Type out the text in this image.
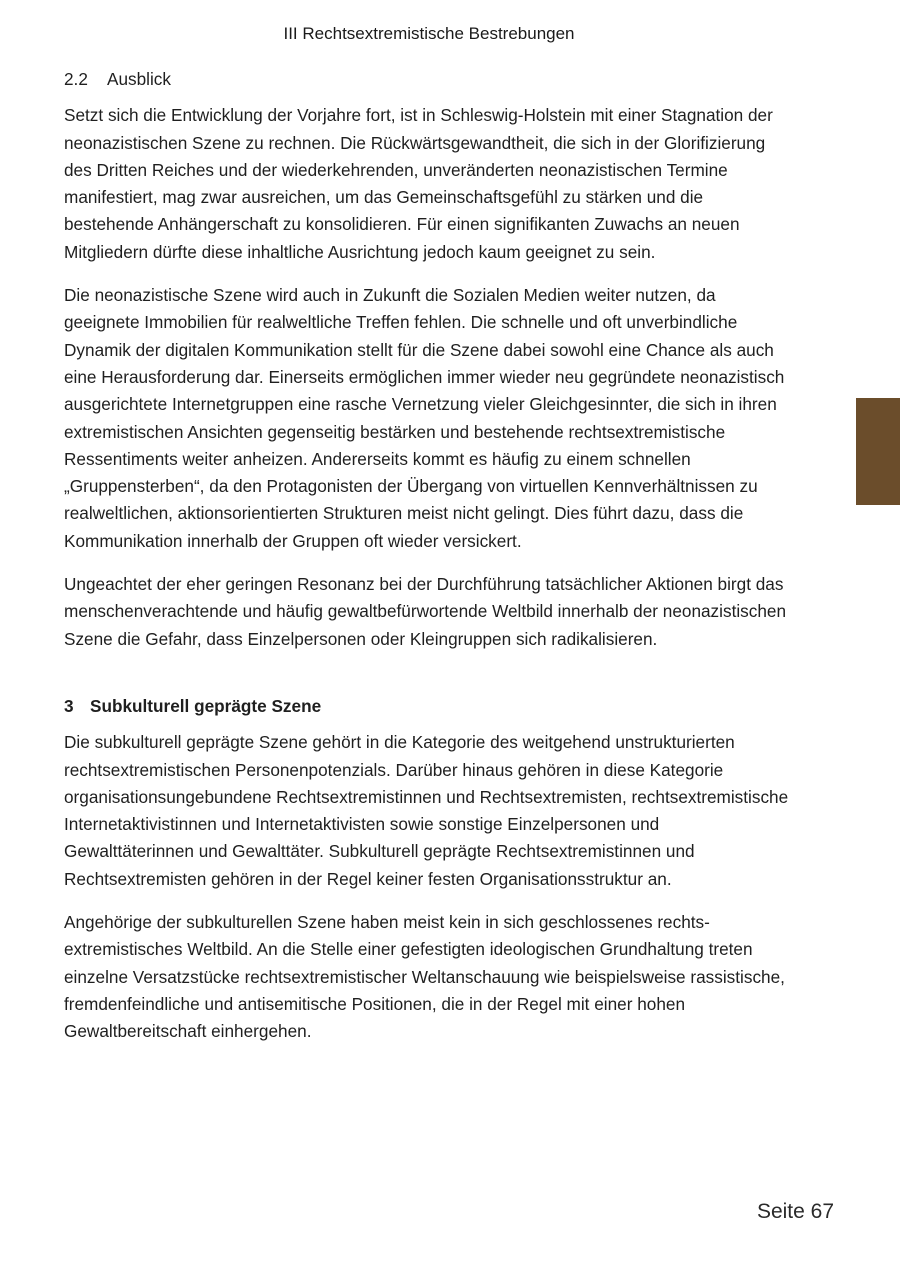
III Rechtsextremistische Bestrebungen
2.2 Ausblick

Setzt sich die Entwicklung der Vorjahre fort, ist in Schleswig-Holstein mit einer Stagnation der neonazistischen Szene zu rechnen. Die Rückwärtsgewandtheit, die sich in der Glorifizierung des Dritten Reiches und der wiederkehrenden, unveränderten neonazistischen Termine manifestiert, mag zwar ausreichen, um das Gemeinschaftsgefühl zu stärken und die bestehende Anhängerschaft zu konsolidieren. Für einen signifikanten Zuwachs an neuen Mitgliedern dürfte diese inhaltliche Ausrichtung jedoch kaum geeignet zu sein.

Die neonazistische Szene wird auch in Zukunft die Sozialen Medien weiter nutzen, da geeignete Immobilien für realweltliche Treffen fehlen. Die schnelle und oft unverbindliche Dynamik der digitalen Kommunikation stellt für die Szene dabei sowohl eine Chance als auch eine Herausforderung dar. Einerseits ermöglichen immer wieder neu gegründete neonazistisch ausgerichtete Internetgruppen eine rasche Vernetzung vieler Gleichgesinnter, die sich in ihren extremistischen Ansichten gegenseitig bestärken und bestehende rechtsextremistische Ressentiments weiter anheizen. Andererseits kommt es häufig zu einem schnellen „Gruppensterben“, da den Protagonisten der Übergang von virtuellen Kennverhältnissen zu realweltlichen, aktionsorientierten Strukturen meist nicht gelingt. Dies führt dazu, dass die Kommunikation innerhalb der Gruppen oft wieder versickert.

Ungeachtet der eher geringen Resonanz bei der Durchführung tatsächlicher Aktionen birgt das menschenverachtende und häufig gewaltbefürwortende Weltbild innerhalb der neonazistischen Szene die Gefahr, dass Einzelpersonen oder Kleingruppen sich radikalisieren.

3 Subkulturell geprägte Szene

Die subkulturell geprägte Szene gehört in die Kategorie des weitgehend unstrukturierten rechtsextremistischen Personenpotenzials. Darüber hinaus gehören in diese Kategorie organisationsungebundene Rechtsextremistinnen und Rechtsextremisten, rechtsextremistische Internetaktivistinnen und Internetaktivisten sowie sonstige Einzelpersonen und Gewalttäterinnen und Gewalttäter. Subkulturell geprägte Rechtsextremistinnen und Rechtsextremisten gehören in der Regel keiner festen Organisationsstruktur an.

Angehörige der subkulturellen Szene haben meist kein in sich geschlossenes rechtsextremistisches Weltbild. An die Stelle einer gefestigten ideologischen Grundhaltung treten einzelne Versatzstücke rechtsextremistischer Weltanschauung wie beispielsweise rassistische, fremdenfeindliche und antisemitische Positionen, die in der Regel mit einer hohen Gewaltbereitschaft einhergehen.

Seite 67
